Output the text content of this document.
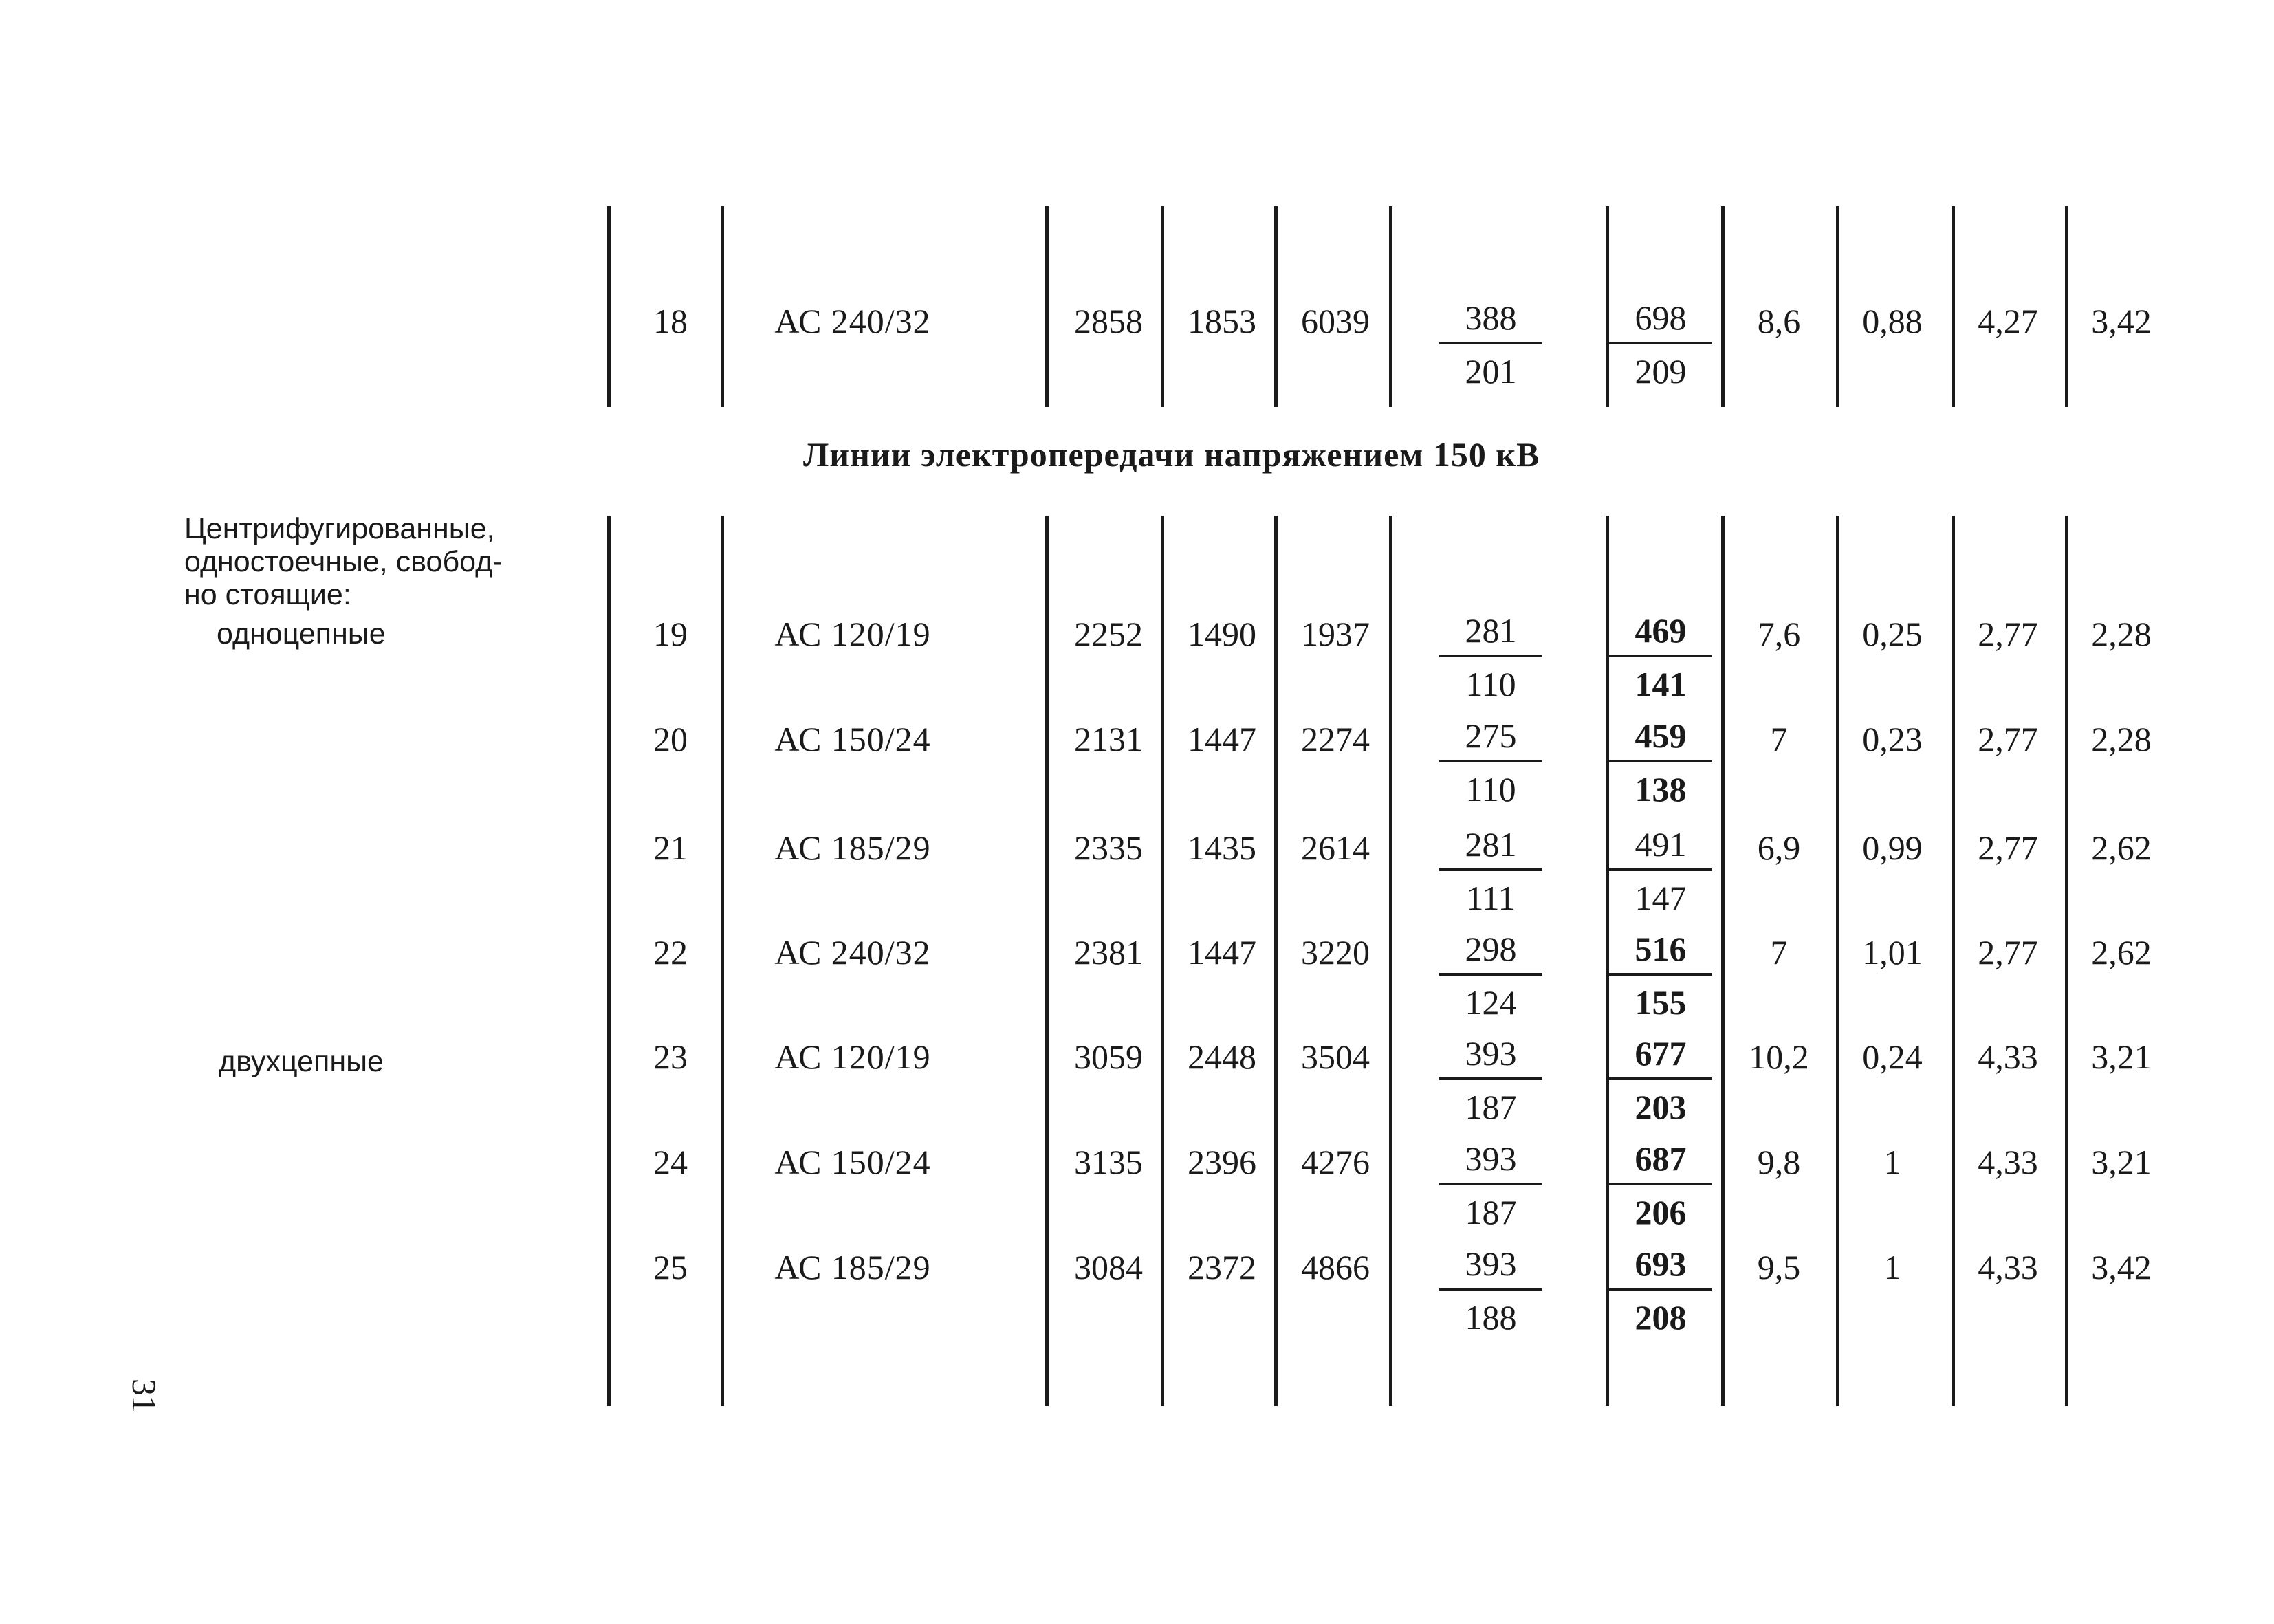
18	АС 240/32	2858 1853 $6039 \frac{388}{201} \frac{698}{209} 8,6$ 0,88 4,27 3,42
19	АС 120/19	2252 1490 $1937 \frac{281}{110} \frac{469}{141} 7,6$ 0,25 2,77 2,28
20	АС 150/24	2131 1447 $2274 \frac{275}{110} \frac{459}{138} 7$ 0,23 2,77 2,28
21	АС 185/29	2335 1435 $2614 \frac{281}{111} \frac{491}{147} 6,9$ 0,99 2,77 2,62
22	АС 240/32	2381 1447 $3220 \frac{298}{124} \frac{516}{155} 7$ 1,01 2,77 2,62
23	АС 120/19	3059 2448 $3504 \frac{393}{187} \frac{677}{203} 10,2$ 0,24 4,33 3,21
24	АС 150/24	3135 2396 $4276 \frac{393}{187} \frac{687}{206} 9,8$ 1 4,33 3,21
25	АС 185/29	3084 2372 $4866 \frac{393}{188} \frac{693}{208} 9,5$ 1 4,33 3,42
Линии электропередачи напряжением 150 кВ
Центрифугированные,
одностоечные, свобод-
но стоящие:
одноцепные
двухцепные
31
